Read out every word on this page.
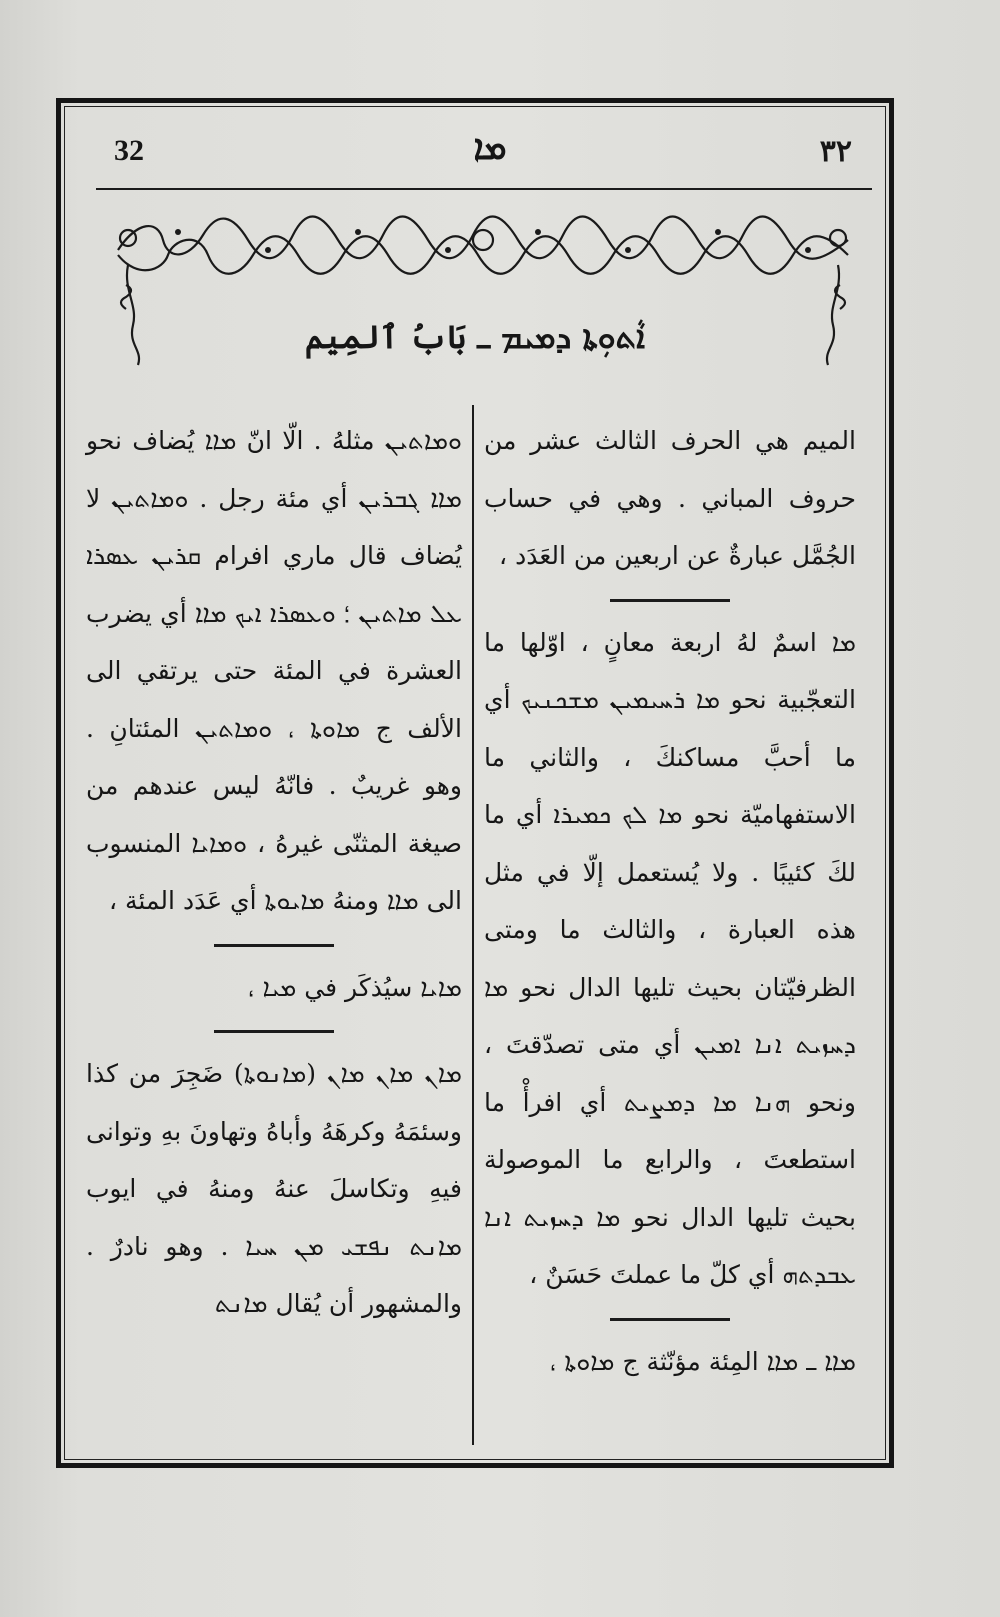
32	ܡܐ	٣٢
ܐܵܬܘܼܬܐ ܕܡܝܡ ـ بَابُ ٱلمِيم

الميم هي الحرف الثالث عشر من حروف المباني . وهي في حساب الجُمَّل عبارةٌ عن اربعين من العَدَد ،

ܡܐ اسمٌ لهُ اربعة معانٍ ، اوّلها ما التعجّبية نحو ܡܐ ܪܚܝܡܝܢ ܡܫܟܢܝܟ أي ما أحبَّ مساكنكَ ، والثاني ما الاستفهاميّة نحو ܡܐ ܠܟ ܟܡܝܪܐ أي ما لكَ كئيبًا . ولا يُستعمل إلّا في مثل هذه العبارة ، والثالث ما ومتى الظرفيّتان بحيث تليها الدال نحو ܡܐ ܕܚܙܝܬ ܐܢܐ ܐܡܝܢ أي متى تصدّقتَ ، ونحو ܗܢܐ ܡܐ ܕܡܨܝܬ أي افرأْ ما استطعتَ ، والرابع ما الموصولة بحيث تليها الدال نحو ܡܐ ܕܚܙܝܬ ܐܢܐ ܥܒܕܬܗ أي كلّ ما عملتَ حَسَنٌ ،

ܡܐܐ ـ ܡܐܐ المِئة مؤنّثة ج ܡܐܘܬܐ ،

ܘܡܐܬܝܢ مثلهُ . الّا انّ ܡܐܐ يُضاف نحو ܡܐܐ ܓܒܪܝܢ أي مئة رجل . ܘܡܐܬܝܢ لا يُضاف قال ماري افرام ܩܪܝܢ ܥܣܪܐ ܥܠ ܡܐܬܝܢ ؛ ܘܥܣܪܐ ܐܝܟ ܡܐܐ أي يضرب العشرة في المئة حتى يرتقي الى الألف ج ܡܐܘܬܐ ، ܘܡܐܬܝܢ المئتانِ . وهو غريبٌ . فانّهُ ليس عندهم من صيغة المثنّى غيرهُ ، ܘܡܐܝܐ المنسوب الى ܡܐܐ ومنهُ ܡܐܝܘܬܐ أي عَدَد المئة ،

ܡܐܝܐ سيُذكَر في ܡܝܐ ،

ܡܐܢ ܡܐܢ ܡܐܢ (ܡܐܢܘܬܐ) ضَجِرَ من كذا وسئمَهُ وكرهَهُ وأباهُ وتهاونَ بهِ وتوانى فيهِ وتكاسلَ عنهُ ومنهُ في ايوب ܡܐܢܬ ܢܦܫܝ ܡܢ ܚܝܐ . وهو نادرٌ . والمشهور أن يُقال ܡܐܢܬ
